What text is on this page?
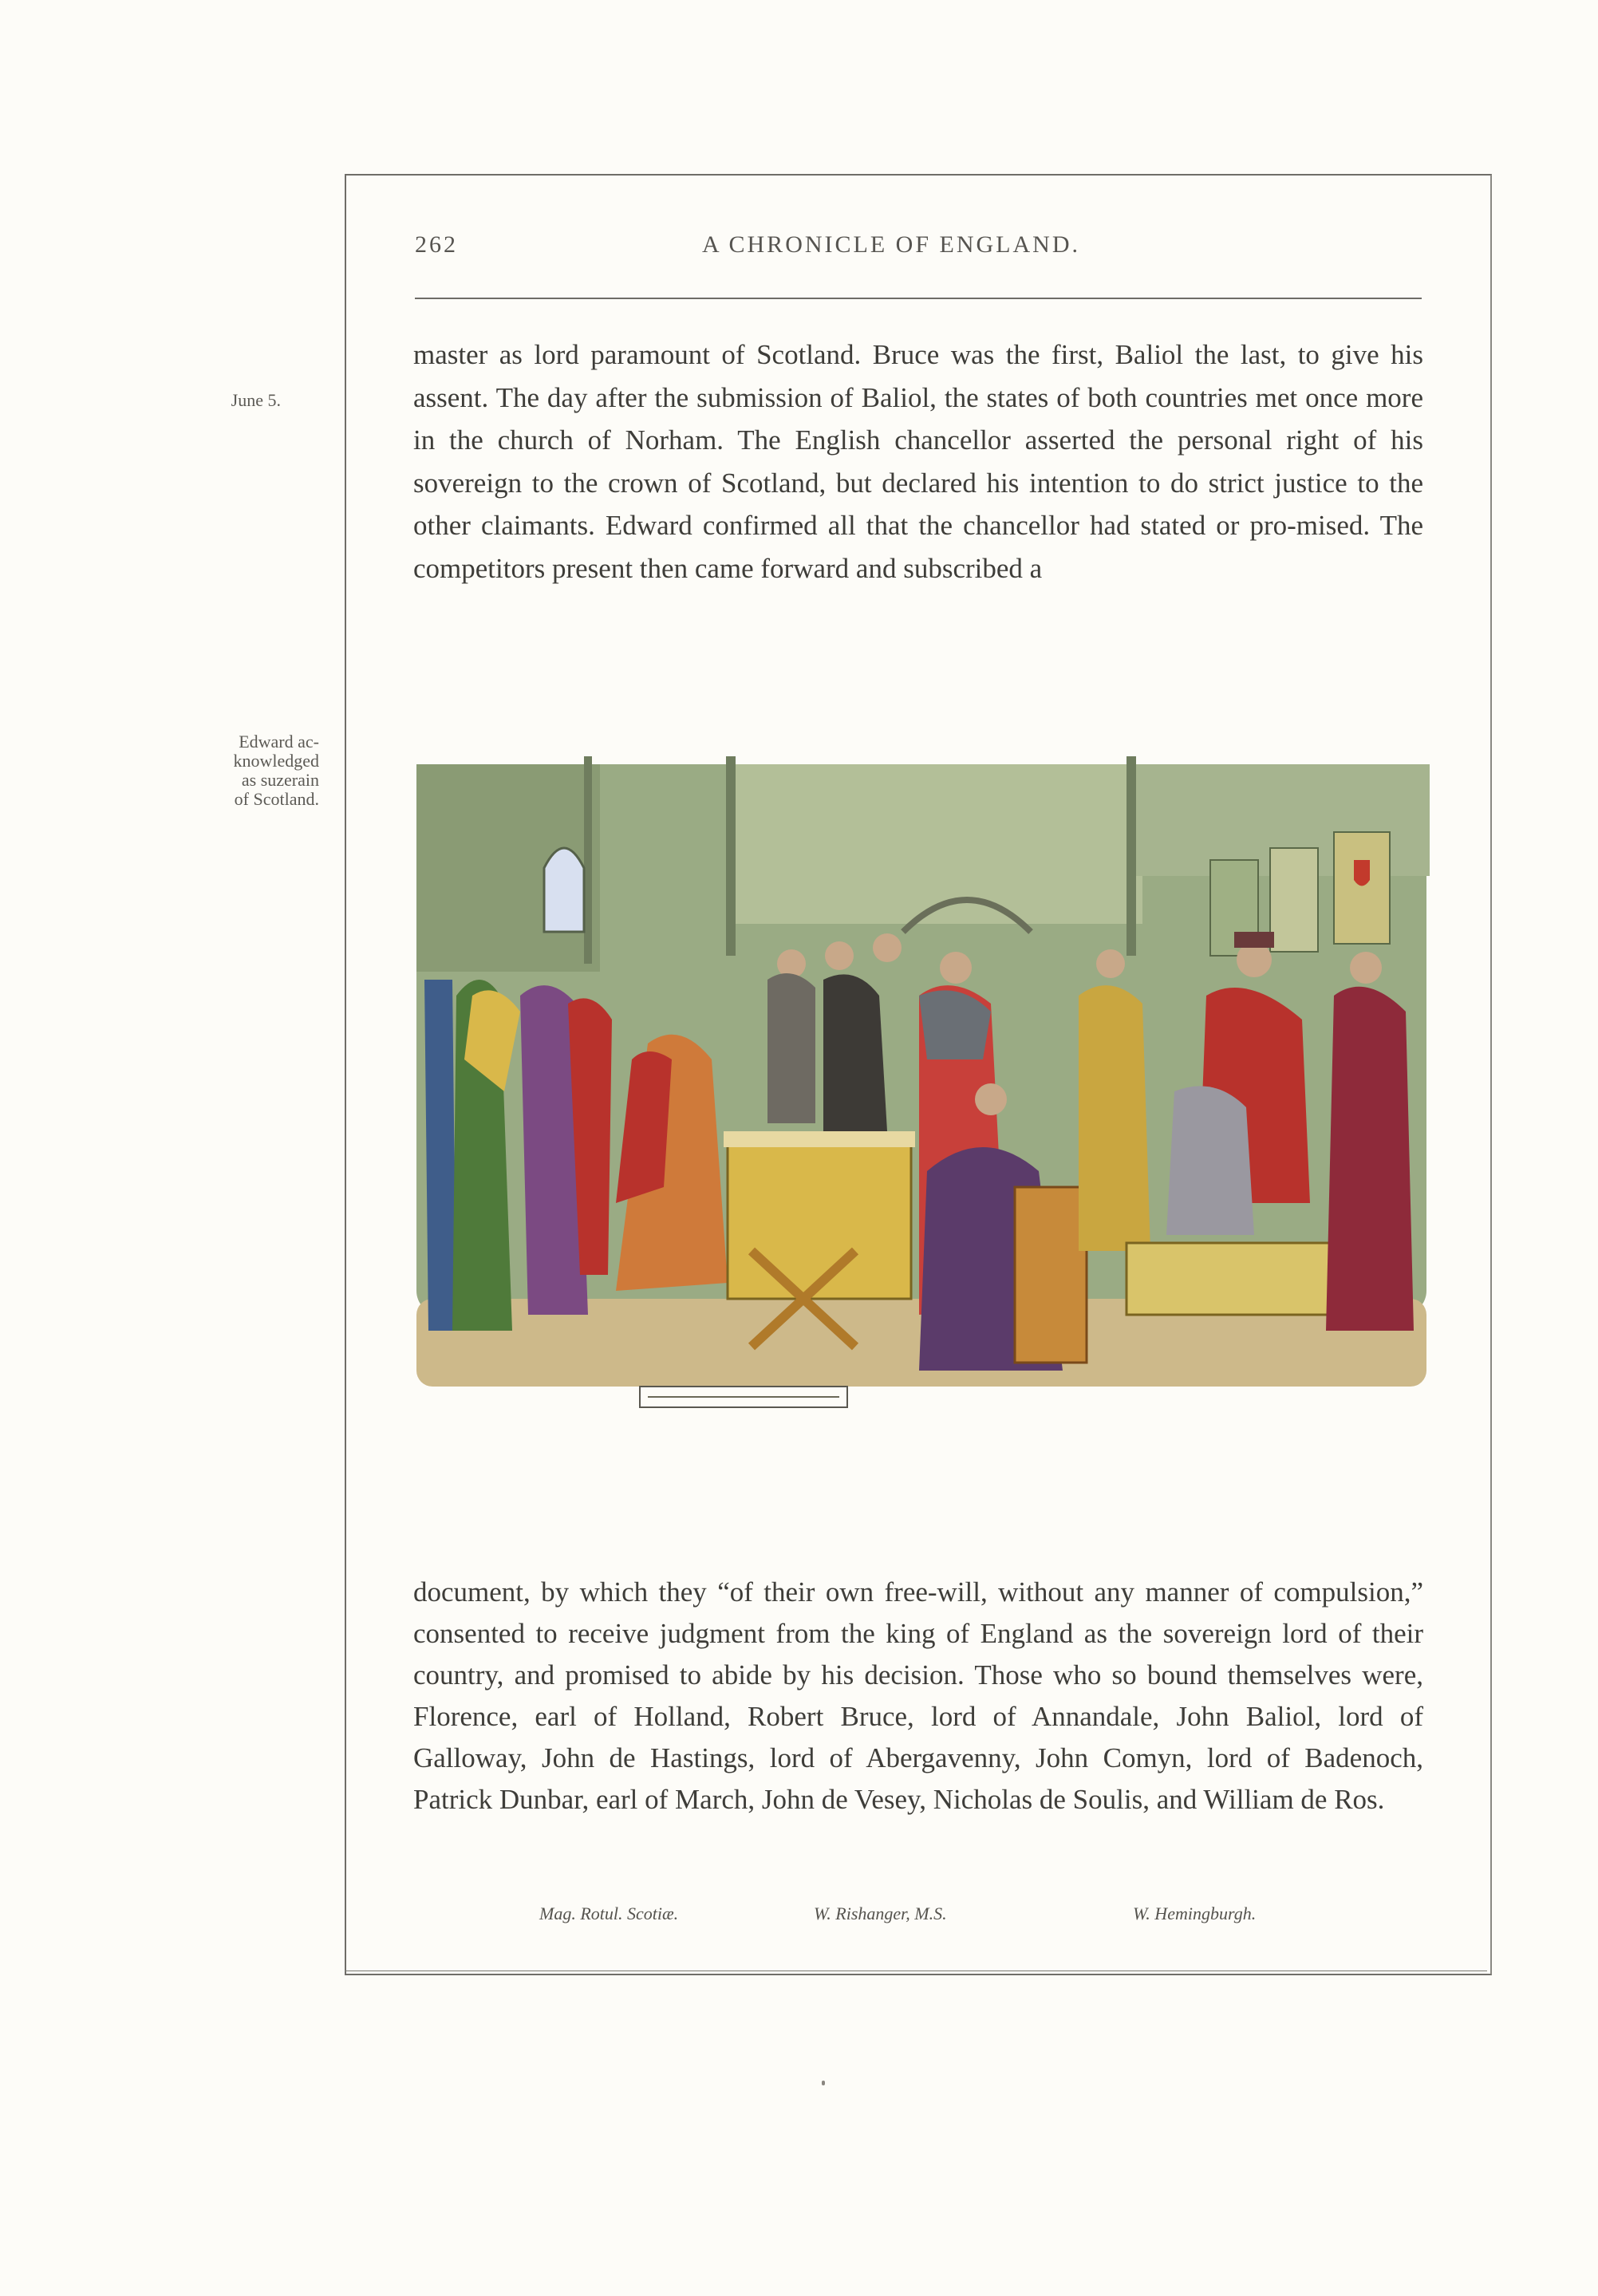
262	A CHRONICLE OF ENGLAND.
June 5.
Edward ac-
knowledged
as suzerain
of Scotland.

master as lord paramount of Scotland. Bruce was the first, Baliol the last, to give his assent. The day after the submission of Baliol, the states of both countries met once more in the church of Norham. The English chancellor asserted the personal right of his sovereign to the crown of Scotland, but declared his intention to do strict justice to the other claimants. Edward confirmed all that the chancellor had stated or pro-mised. The competitors present then came forward and subscribed a

document, by which they “of their own free-will, without any manner of compulsion,” consented to receive judgment from the king of England as the sovereign lord of their country, and promised to abide by his decision. Those who so bound themselves were, Florence, earl of Holland, Robert Bruce, lord of Annandale, John Baliol, lord of Galloway, John de Hastings, lord of Abergavenny, John Comyn, lord of Badenoch, Patrick Dunbar, earl of March, John de Vesey, Nicholas de Soulis, and William de Ros.

Mag. Rotul. Scotiæ.	W. Rishanger, M.S.	W. Hemingburgh.
